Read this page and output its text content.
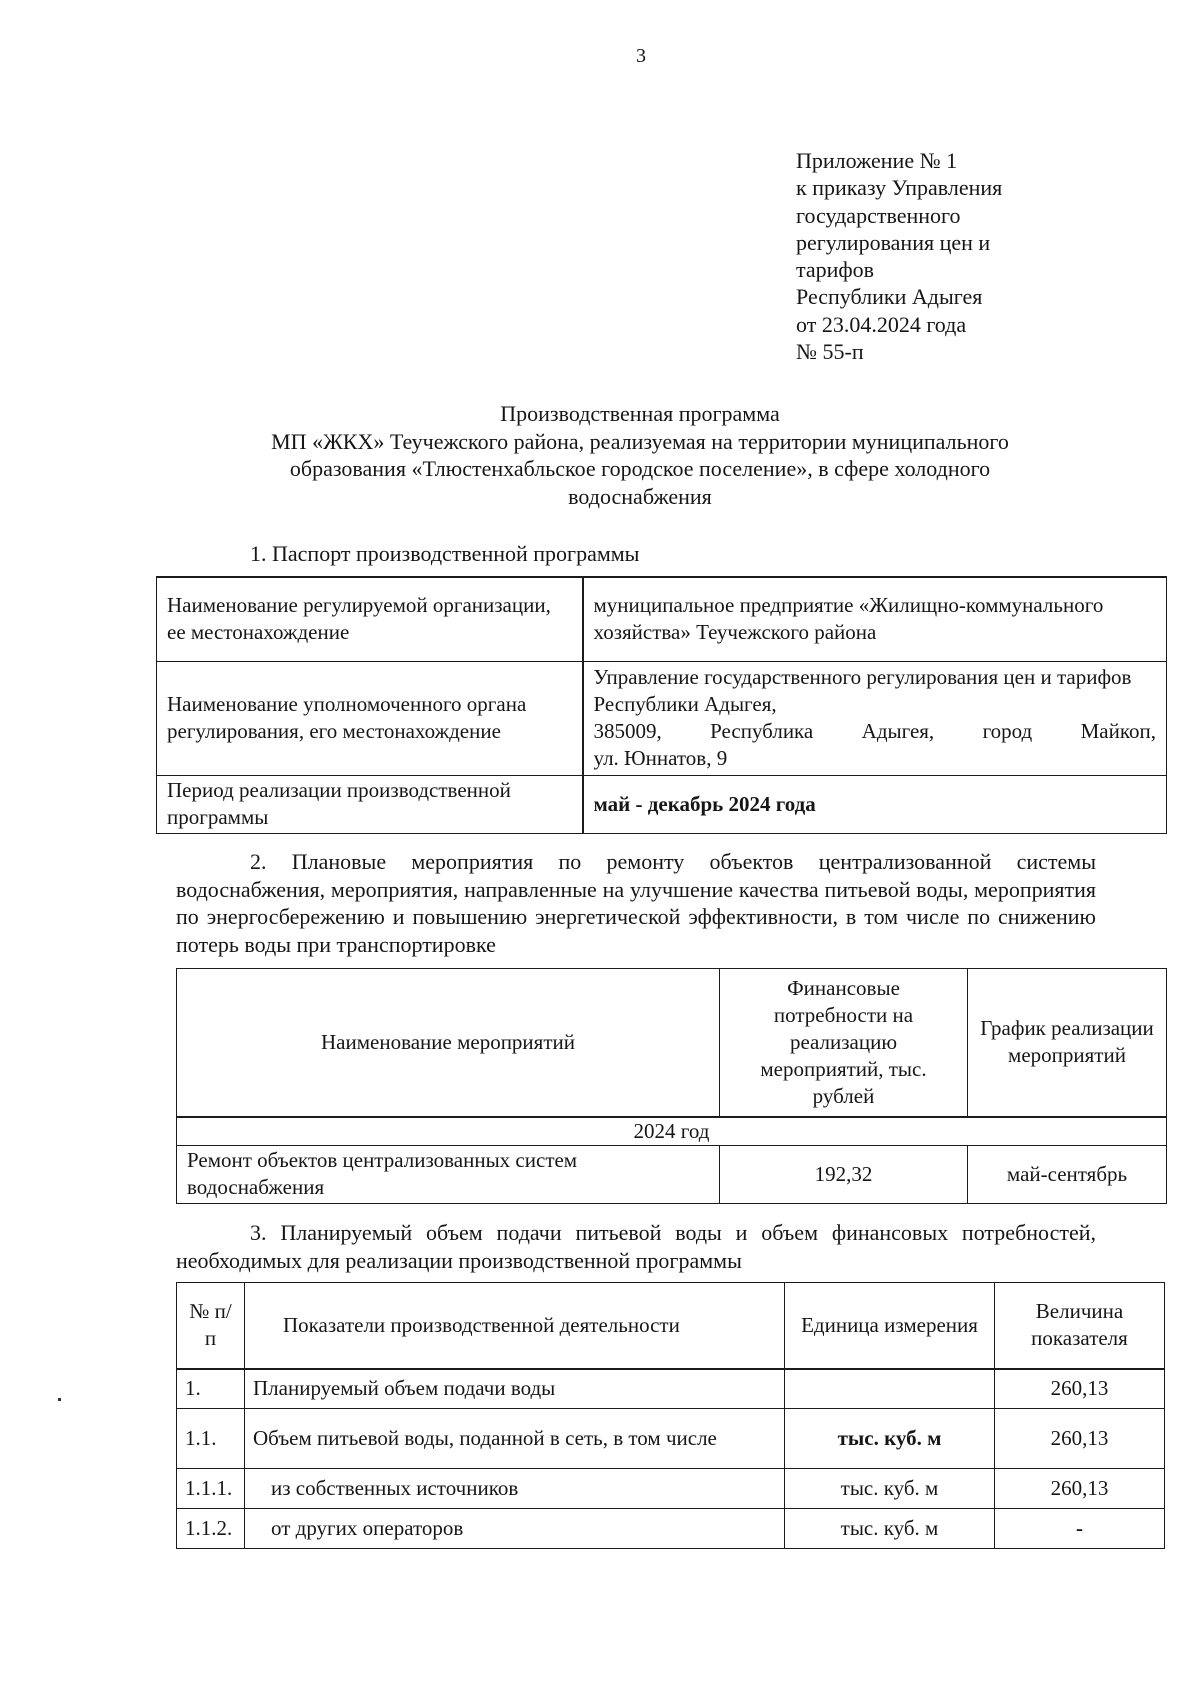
3
Приложение № 1
к приказу Управления
государственного
регулирования цен и
тарифов
Республики Адыгея
от 23.04.2024 года
№ 55-п
Производственная программа
МП «ЖКХ» Теучежского района, реализуемая на территории муниципального
образования «Тлюстенхабльское городское поселение», в сфере холодного
водоснабжения
1. Паспорт производственной программы
Наименование регулируемой организации, ее местонахождение	муниципальное предприятие «Жилищно-коммунального хозяйства» Теучежского района
Наименование уполномоченного органа регулирования, его местонахождение	Управление государственного регулирования цен и тарифов Республики Адыгея,
385009, Республика Адыгея, город Майкоп,
ул. Юннатов, 9

Период реализации производственной программы	май - декабрь 2024 года
2. Плановые мероприятия по ремонту объектов централизованной системы водоснабжения, мероприятия, направленные на улучшение качества питьевой воды, мероприятия по энергосбережению и повышению энергетической эффективности, в том числе по снижению потерь воды при транспортировке
Наименование мероприятий	Финансовые потребности на реализацию мероприятий, тыс. рублей	График реализации мероприятий
2024 год		
Ремонт объектов централизованных систем водоснабжения	192,32	май-сентябрь
3. Планируемый объем подачи питьевой воды и объем финансовых потребностей, необходимых для реализации производственной программы
№ п/п	Показатели производственной деятельности	Единица измерения	Величина показателя
1.	Планируемый объем подачи воды		260,13
1.1.	Объем питьевой воды, поданной в сеть, в том числе	тыс. куб. м	260,13
1.1.1.	из собственных источников	тыс. куб. м	260,13
1.1.2.	от других операторов	тыс. куб. м	-
